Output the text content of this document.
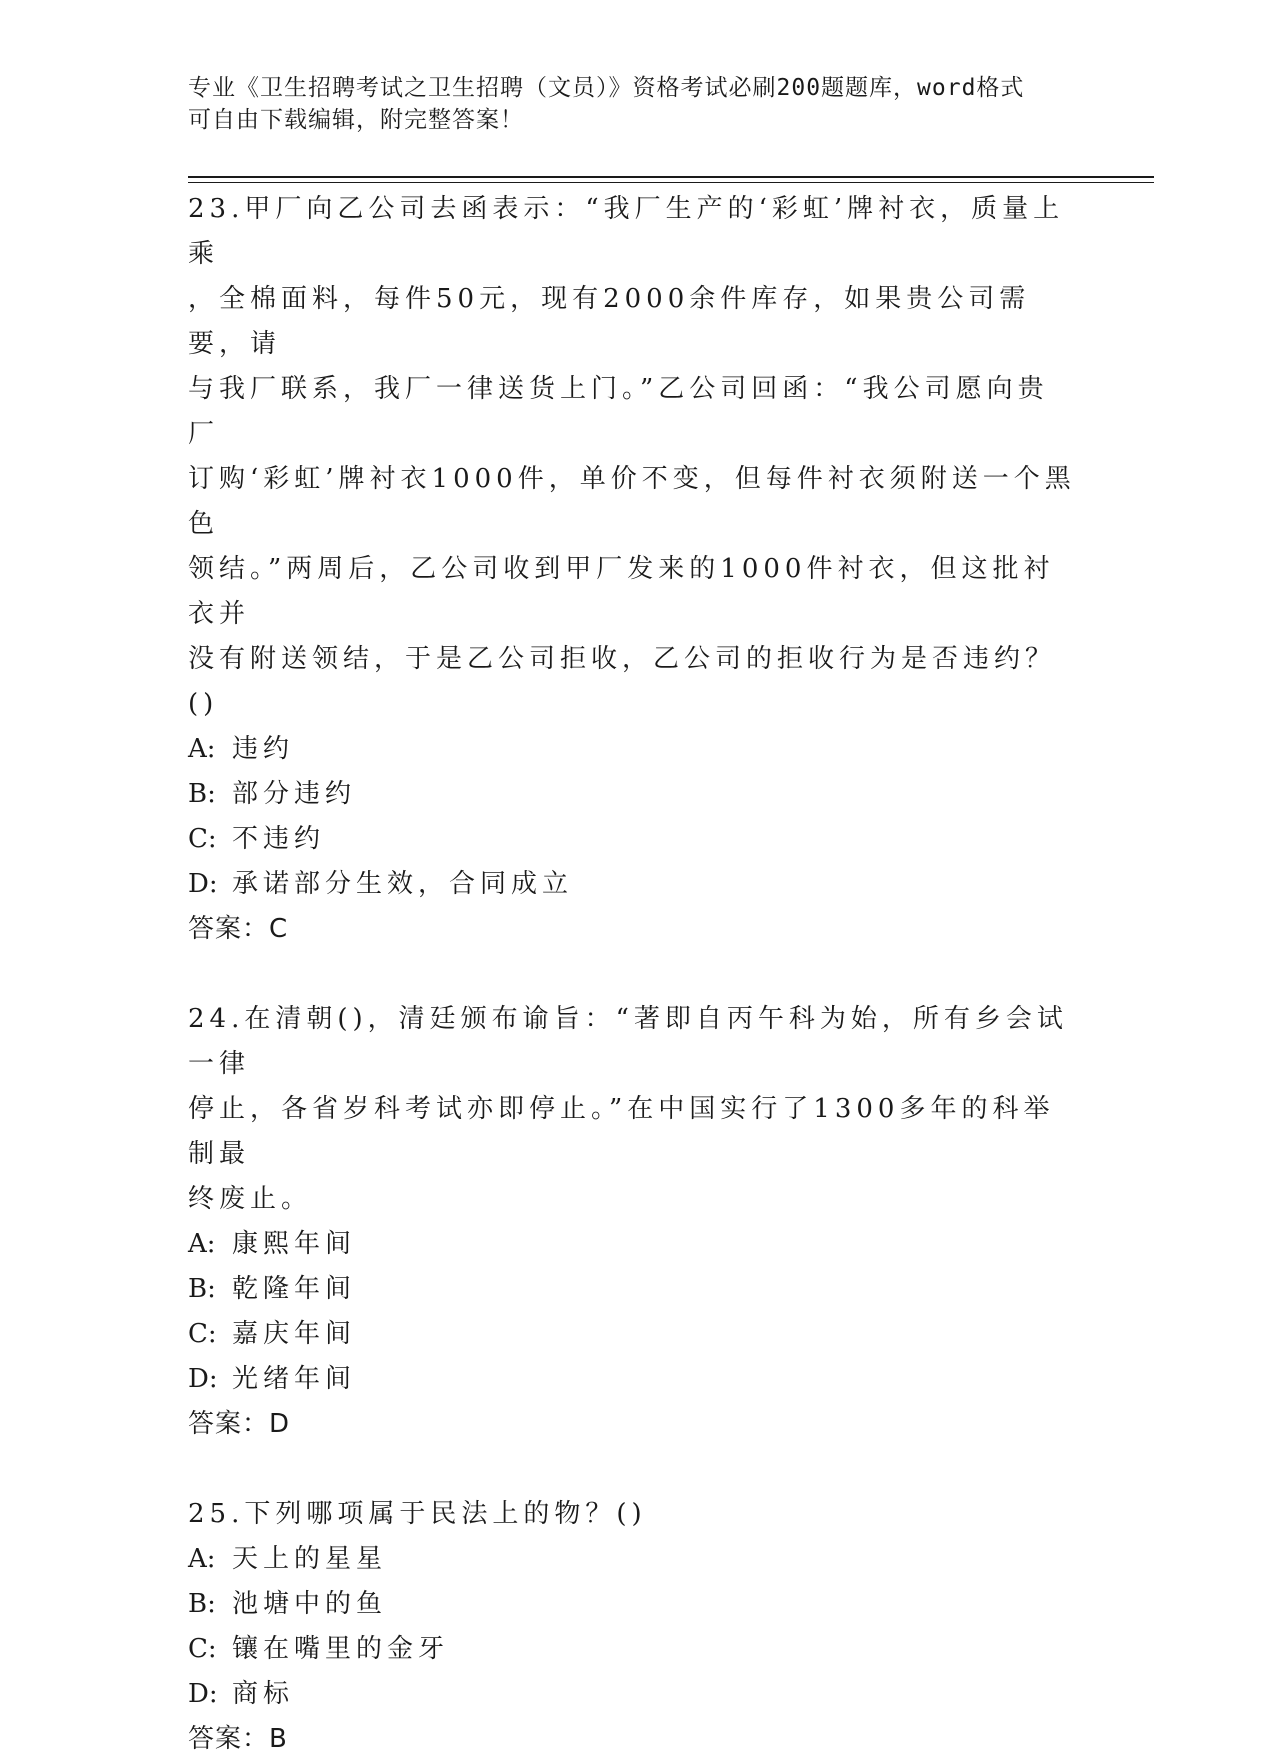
专业《卫生招聘考试之卫生招聘（文员）》资格考试必刷200题题库，word格式
可自由下载编辑，附完整答案！
23.甲厂向乙公司去函表示：“我厂生产的‘彩虹’牌衬衣，质量上乘
，全棉面料，每件50元，现有2000余件库存，如果贵公司需要，请
与我厂联系，我厂一律送货上门。”乙公司回函：“我公司愿向贵厂
订购‘彩虹’牌衬衣1000件，单价不变，但每件衬衣须附送一个黑色
领结。”两周后，乙公司收到甲厂发来的1000件衬衣，但这批衬衣并
没有附送领结，于是乙公司拒收，乙公司的拒收行为是否违约？()
A: 违约
B: 部分违约
C: 不违约
D: 承诺部分生效，合同成立
答案：C
24.在清朝()，清廷颁布谕旨：“著即自丙午科为始，所有乡会试一律
停止，各省岁科考试亦即停止。”在中国实行了1300多年的科举制最
终废止。
A: 康熙年间
B: 乾隆年间
C: 嘉庆年间
D: 光绪年间
答案：D
25.下列哪项属于民法上的物？()
A: 天上的星星
B: 池塘中的鱼
C: 镶在嘴里的金牙
D: 商标
答案：B
